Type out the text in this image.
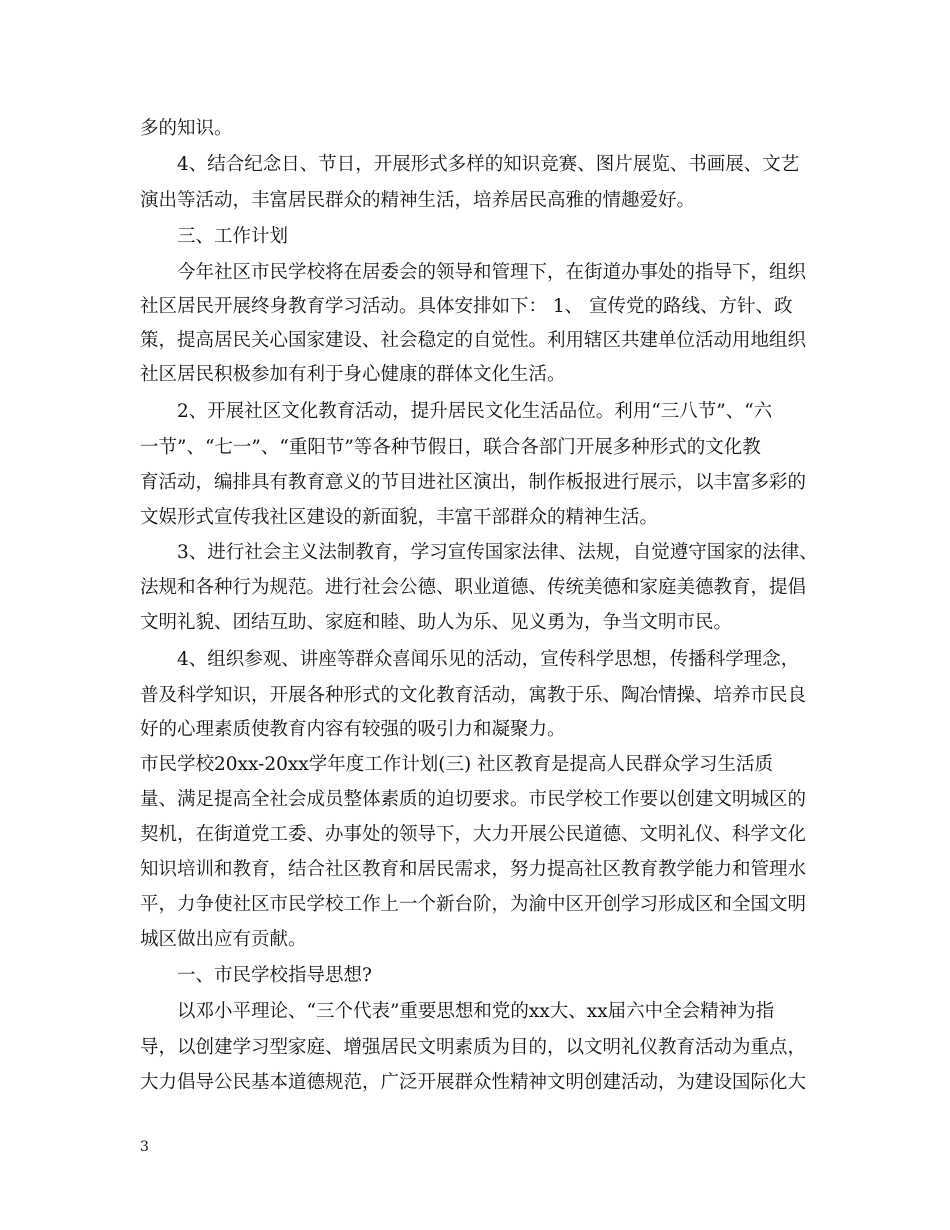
多的知识。
4、结合纪念日、节日，开展形式多样的知识竞赛、图片展览、书画展、文艺
演出等活动，丰富居民群众的精神生活，培养居民高雅的情趣爱好。
三、工作计划
今年社区市民学校将在居委会的领导和管理下，在街道办事处的指导下，组织
社区居民开展终身教育学习活动。具体安排如下： 1、 宣传党的路线、方针、政
策，提高居民关心国家建设、社会稳定的自觉性。利用辖区共建单位活动用地组织
社区居民积极参加有利于身心健康的群体文化生活。
2、开展社区文化教育活动，提升居民文化生活品位。利用“三八节”、“六
一节”、“七一”、“重阳节”等各种节假日，联合各部门开展多种形式的文化教
育活动，编排具有教育意义的节目进社区演出，制作板报进行展示，以丰富多彩的
文娱形式宣传我社区建设的新面貌，丰富干部群众的精神生活。
3、进行社会主义法制教育，学习宣传国家法律、法规，自觉遵守国家的法律、
法规和各种行为规范。进行社会公德、职业道德、传统美德和家庭美德教育，提倡
文明礼貌、团结互助、家庭和睦、助人为乐、见义勇为，争当文明市民。
4、组织参观、讲座等群众喜闻乐见的活动，宣传科学思想，传播科学理念，
普及科学知识，开展各种形式的文化教育活动，寓教于乐、陶冶情操、培养市民良
好的心理素质使教育内容有较强的吸引力和凝聚力。
市民学校20xx-20xx学年度工作计划(三) 社区教育是提高人民群众学习生活质
量、满足提高全社会成员整体素质的迫切要求。市民学校工作要以创建文明城区的
契机，在街道党工委、办事处的领导下，大力开展公民道德、文明礼仪、科学文化
知识培训和教育，结合社区教育和居民需求，努力提高社区教育教学能力和管理水
平，力争使社区市民学校工作上一个新台阶，为渝中区开创学习形成区和全国文明
城区做出应有贡献。
一、市民学校指导思想?
以邓小平理论、“三个代表”重要思想和党的xx大、xx届六中全会精神为指
导，以创建学习型家庭、增强居民文明素质为目的，以文明礼仪教育活动为重点，
大力倡导公民基本道德规范，广泛开展群众性精神文明创建活动，为建设国际化大
3
